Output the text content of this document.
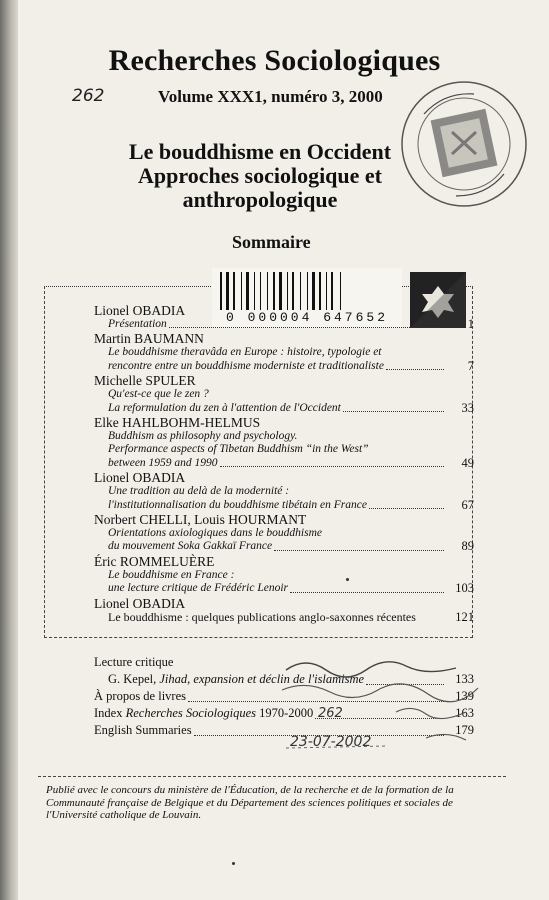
Recherches Sociologiques
262	Volume XXX1, numéro 3, 2000
Le bouddhisme en Occident
Approches sociologique et
anthropologique
Sommaire
0 000004 647652
Lionel OBADIA
Présentation	1
Martin BAUMANN
Le bouddhisme theravâda en Europe : histoire, typologie et
rencontre entre un bouddhisme moderniste et traditionaliste	7
Michelle SPULER
Qu'est-ce que le zen ?
La reformulation du zen à l'attention de l'Occident	33
Elke HAHLBOHM-HELMUS
Buddhism as philosophy and psychology.
Performance aspects of Tibetan Buddhism “in the West”
between 1959 and 1990	49
Lionel OBADIA
Une tradition au delà de la modernité :
l'institutionnalisation du bouddhisme tibétain en France	67
Norbert CHELLI, Louis HOURMANT
Orientations axiologiques dans le bouddhisme
du mouvement Soka Gakkaï France	89
Éric ROMMELUÈRE
Le bouddhisme en France :
une lecture critique de Frédéric Lenoir	103
Lionel OBADIA
Le bouddhisme : quelques publications anglo-saxonnes récentes	121
Lecture critique
G. Kepel, Jihad, expansion et déclin de l'islamisme	133
À propos de livres	139
Index Recherches Sociologiques 1970-2000	163
English Summaries	179
262
23-07-2002
Publié avec le concours du ministère de l'Éducation, de la recherche et de la formation de la Communauté française de Belgique et du Département des sciences politiques et sociales de l'Université catholique de Louvain.
